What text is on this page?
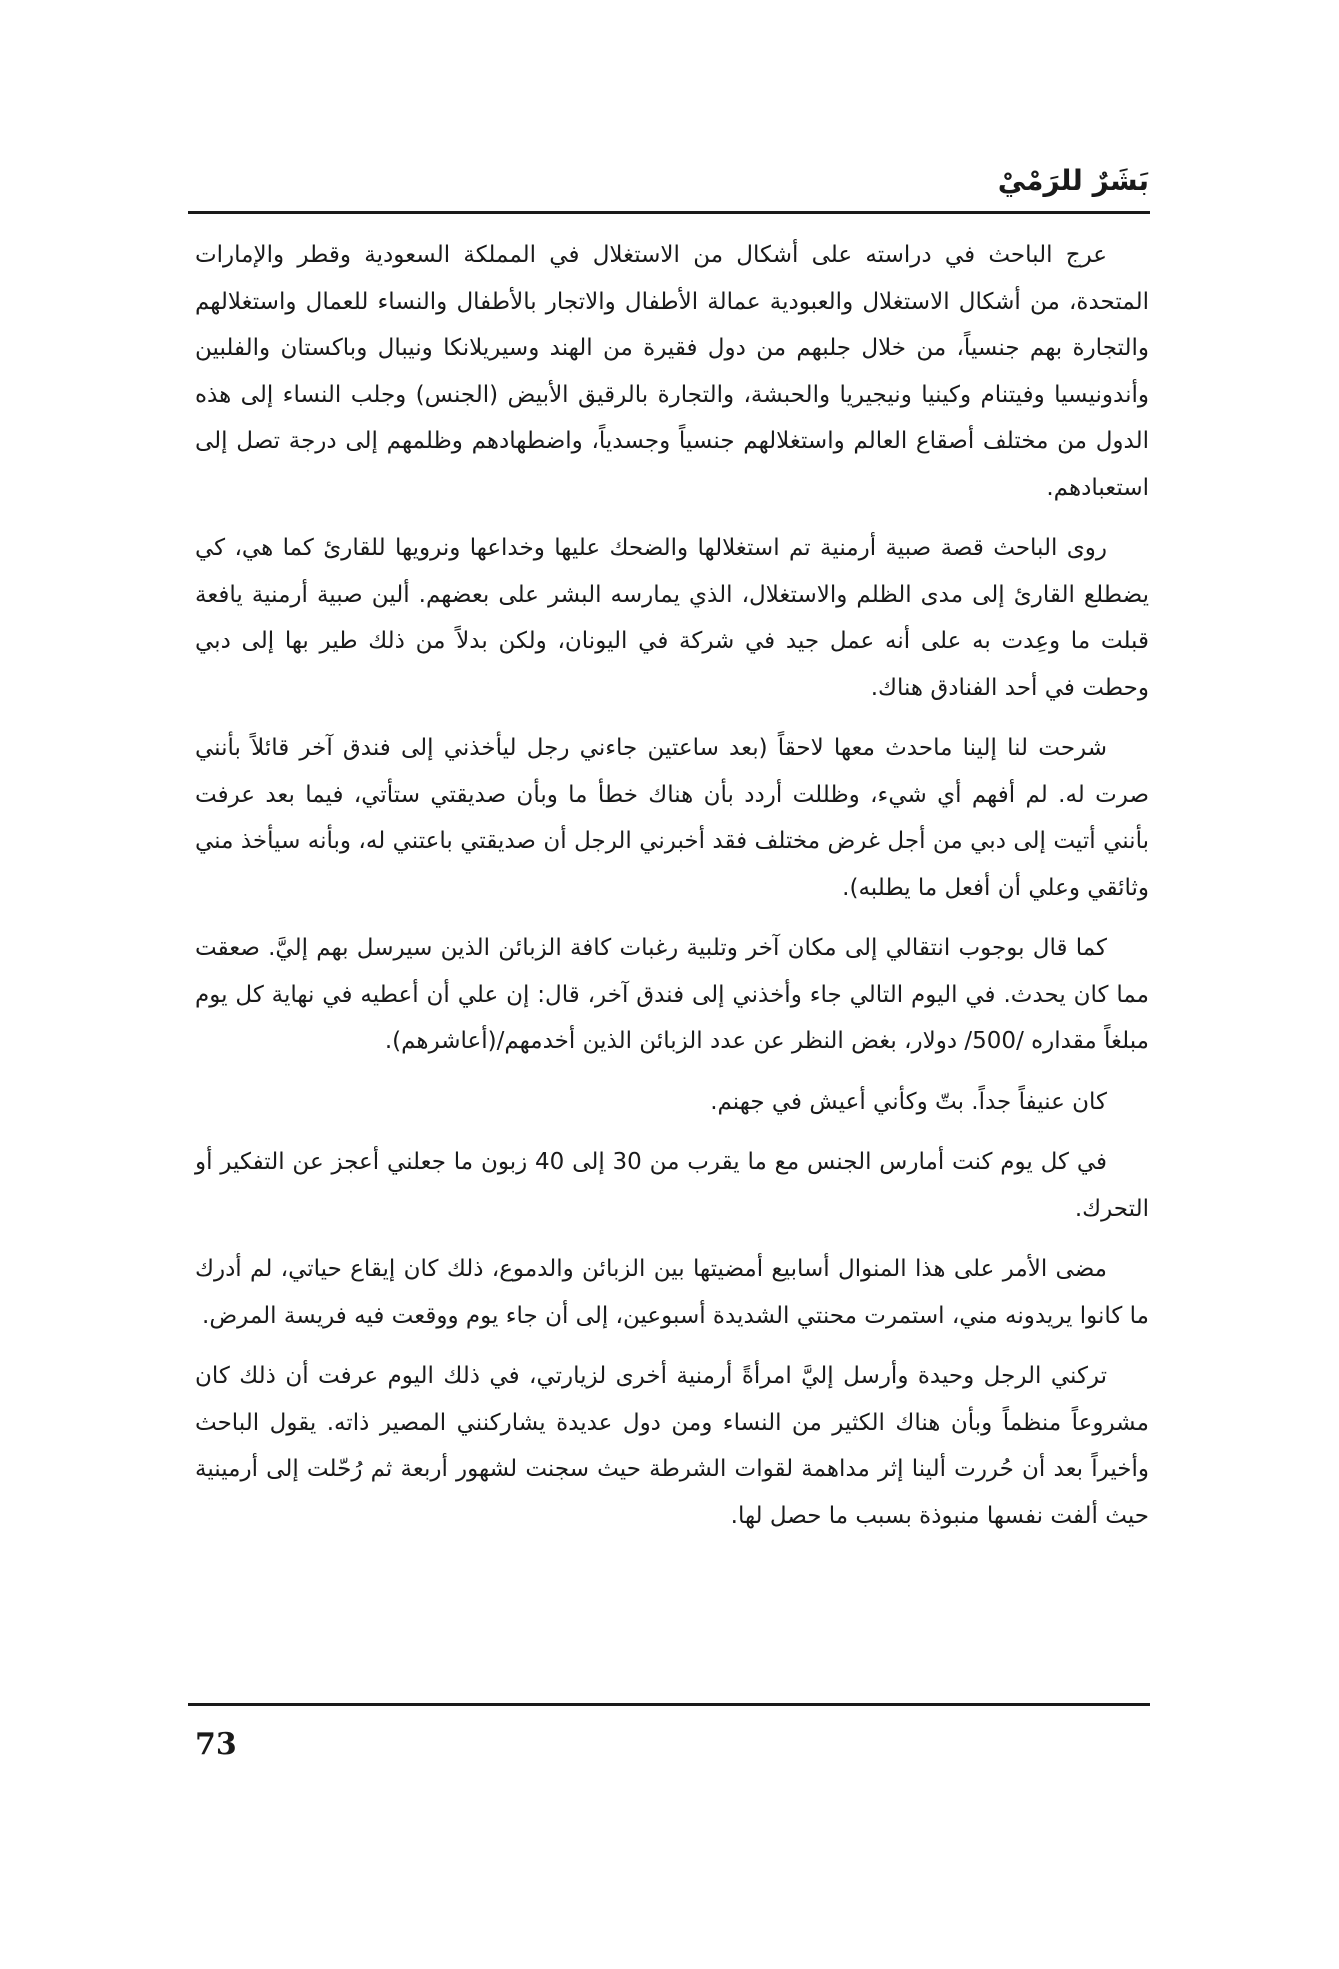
بَشَرٌ للرَمْيْ

عرج الباحث في دراسته على أشكال من الاستغلال في المملكة السعودية وقطر والإمارات المتحدة، من أشكال الاستغلال والعبودية عمالة الأطفال والاتجار بالأطفال والنساء للعمال واستغلالهم والتجارة بهم جنسياً، من خلال جلبهم من دول فقيرة من الهند وسيريلانكا ونيبال وباكستان والفلبين وأندونيسيا وفيتنام وكينيا ونيجيريا والحبشة، والتجارة بالرقيق الأبيض (الجنس) وجلب النساء إلى هذه الدول من مختلف أصقاع العالم واستغلالهم جنسياً وجسدياً، واضطهادهم وظلمهم إلى درجة تصل إلى استعبادهم.

روى الباحث قصة صبية أرمنية تم استغلالها والضحك عليها وخداعها ونرويها للقارئ كما هي، كي يضطلع القارئ إلى مدى الظلم والاستغلال، الذي يمارسه البشر على بعضهم. ألين صبية أرمنية يافعة قبلت ما وعِدت به على أنه عمل جيد في شركة في اليونان، ولكن بدلاً من ذلك طير بها إلى دبي وحطت في أحد الفنادق هناك.

شرحت لنا إلينا ماحدث معها لاحقاً (بعد ساعتين جاءني رجل ليأخذني إلى فندق آخر قائلاً بأنني صرت له. لم أفهم أي شيء، وظللت أردد بأن هناك خطأ ما وبأن صديقتي ستأتي، فيما بعد عرفت بأنني أتيت إلى دبي من أجل غرض مختلف فقد أخبرني الرجل أن صديقتي باعتني له، وبأنه سيأخذ مني وثائقي وعلي أن أفعل ما يطلبه).

كما قال بوجوب انتقالي إلى مكان آخر وتلبية رغبات كافة الزبائن الذين سيرسل بهم إليَّ. صعقت مما كان يحدث. في اليوم التالي جاء وأخذني إلى فندق آخر، قال: إن علي أن أعطيه في نهاية كل يوم مبلغاً مقداره /500/ دولار، بغض النظر عن عدد الزبائن الذين أخدمهم/(أعاشرهم).

كان عنيفاً جداً. بتّ وكأني أعيش في جهنم.

في كل يوم كنت أمارس الجنس مع ما يقرب من 30 إلى 40 زبون ما جعلني أعجز عن التفكير أو التحرك.

مضى الأمر على هذا المنوال أسابيع أمضيتها بين الزبائن والدموع، ذلك كان إيقاع حياتي، لم أدرك ما كانوا يريدونه مني، استمرت محنتي الشديدة أسبوعين، إلى أن جاء يوم ووقعت فيه فريسة المرض.

تركني الرجل وحيدة وأرسل إليَّ امرأةً أرمنية أخرى لزيارتي، في ذلك اليوم عرفت أن ذلك كان مشروعاً منظماً وبأن هناك الكثير من النساء ومن دول عديدة يشاركنني المصير ذاته. يقول الباحث وأخيراً بعد أن حُررت ألينا إثر مداهمة لقوات الشرطة حيث سجنت لشهور أربعة ثم رُحّلت إلى أرمينية حيث ألفت نفسها منبوذة بسبب ما حصل لها.

73
